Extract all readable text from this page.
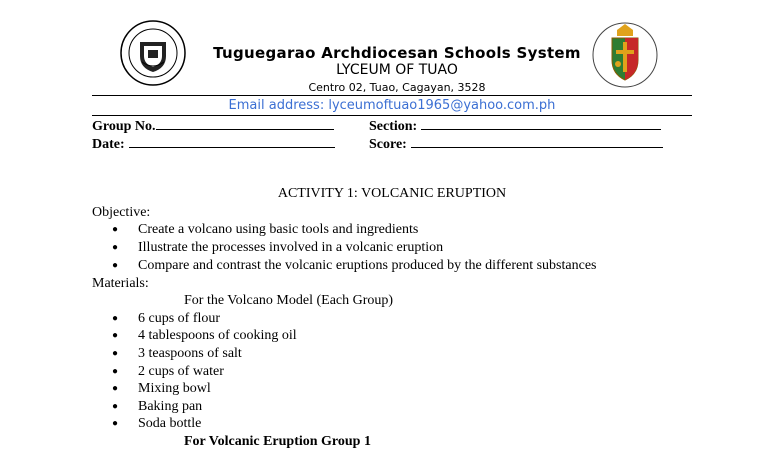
Tuguegarao Archdiocesan Schools System
LYCEUM OF TUAO
Centro 02, Tuao, Cagayan, 3528
Email address: lyceumoftuao1965@yahoo.com.ph
Group No.	Section:
Date:	Score:
ACTIVITY 1: VOLCANIC ERUPTION
Objective:
● Create a volcano using basic tools and ingredients
● Illustrate the processes involved in a volcanic eruption
● Compare and contrast the volcanic eruptions produced by the different substances
Materials:
For the Volcano Model (Each Group)
● 6 cups of flour
● 4 tablespoons of cooking oil
● 3 teaspoons of salt
● 2 cups of water
● Mixing bowl
● Baking pan
● Soda bottle
For Volcanic Eruption Group 1
